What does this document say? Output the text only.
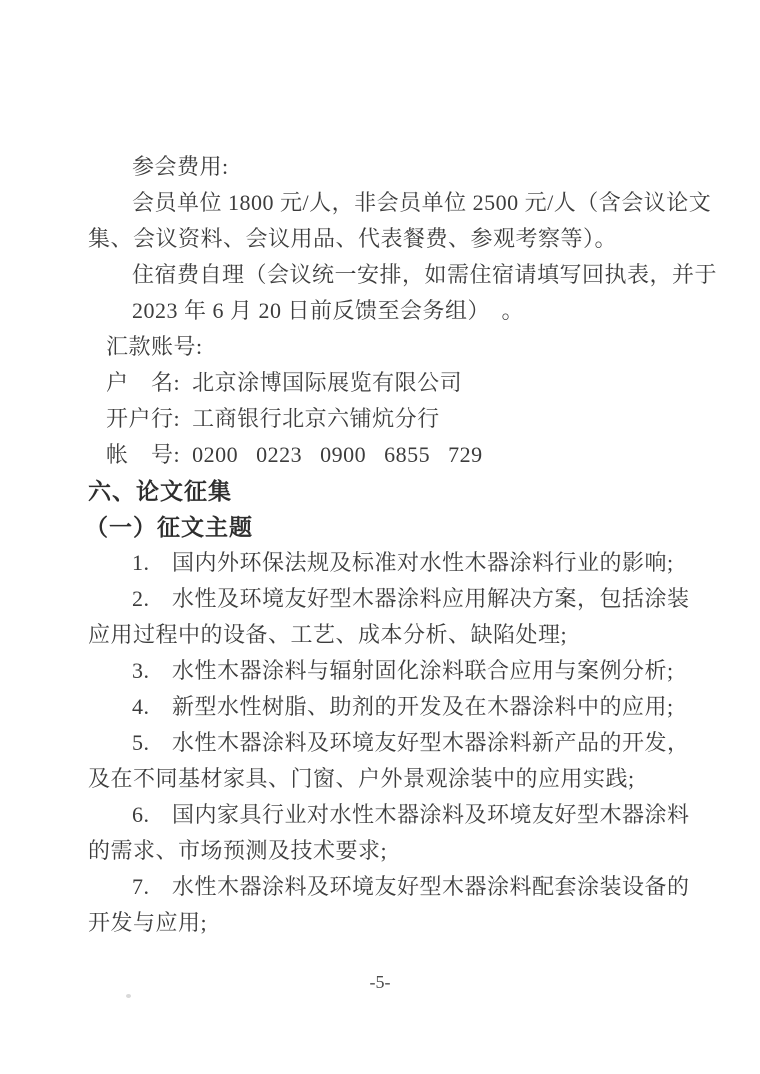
参会费用:
会员单位 1800 元/人，非会员单位 2500 元/人（含会议论文
集、会议资料、会议用品、代表餐费、参观考察等）。
住宿费自理（会议统一安排，如需住宿请填写回执表，并于
2023 年 6 月 20 日前反馈至会务组）　。
汇款账号:
户　名:  北京涂博国际展览有限公司
开户行:  工商银行北京六铺炕分行
帐　号:  0200   0223   0900   6855   729
六、论文征集
（一）征文主题
1.　国内外环保法规及标准对水性木器涂料行业的影响;
2.　水性及环境友好型木器涂料应用解决方案，包括涂装
应用过程中的设备、工艺、成本分析、缺陷处理;
3.　水性木器涂料与辐射固化涂料联合应用与案例分析;
4.　新型水性树脂、助剂的开发及在木器涂料中的应用;
5.　水性木器涂料及环境友好型木器涂料新产品的开发，
及在不同基材家具、门窗、户外景观涂装中的应用实践;
6.　国内家具行业对水性木器涂料及环境友好型木器涂料
的需求、市场预测及技术要求;
7.　水性木器涂料及环境友好型木器涂料配套涂装设备的
开发与应用;
-5-
